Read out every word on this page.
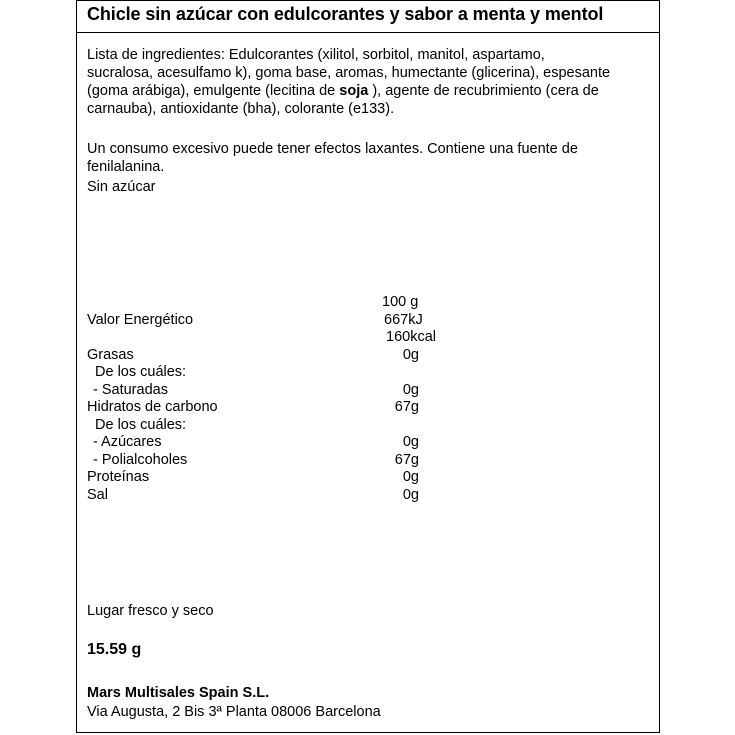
Chicle sin azúcar con edulcorantes y sabor a menta y mentol
Lista de ingredientes: Edulcorantes (xilitol, sorbitol, manitol, aspartamo,
sucralosa, acesulfamo k), goma base, aromas, humectante (glicerina), espesante
(goma arábiga), emulgente (lecitina de soja ), agente de recubrimiento (cera de
carnauba), antioxidante (bha), colorante (e133).
Un consumo excesivo puede tener efectos laxantes. Contiene una fuente de
fenilalanina.
Sin azúcar
100 g
Valor Energético	667kJ
160kcal
Grasas	0g
De los cuáles:
- Saturadas	0g
Hidratos de carbono	67g
De los cuáles:
- Azúcares	0g
- Polialcoholes	67g
Proteínas	0g
Sal	0g
Lugar fresco y seco
15.59 g
Mars Multisales Spain S.L.
Via Augusta, 2 Bis 3ª Planta 08006 Barcelona
